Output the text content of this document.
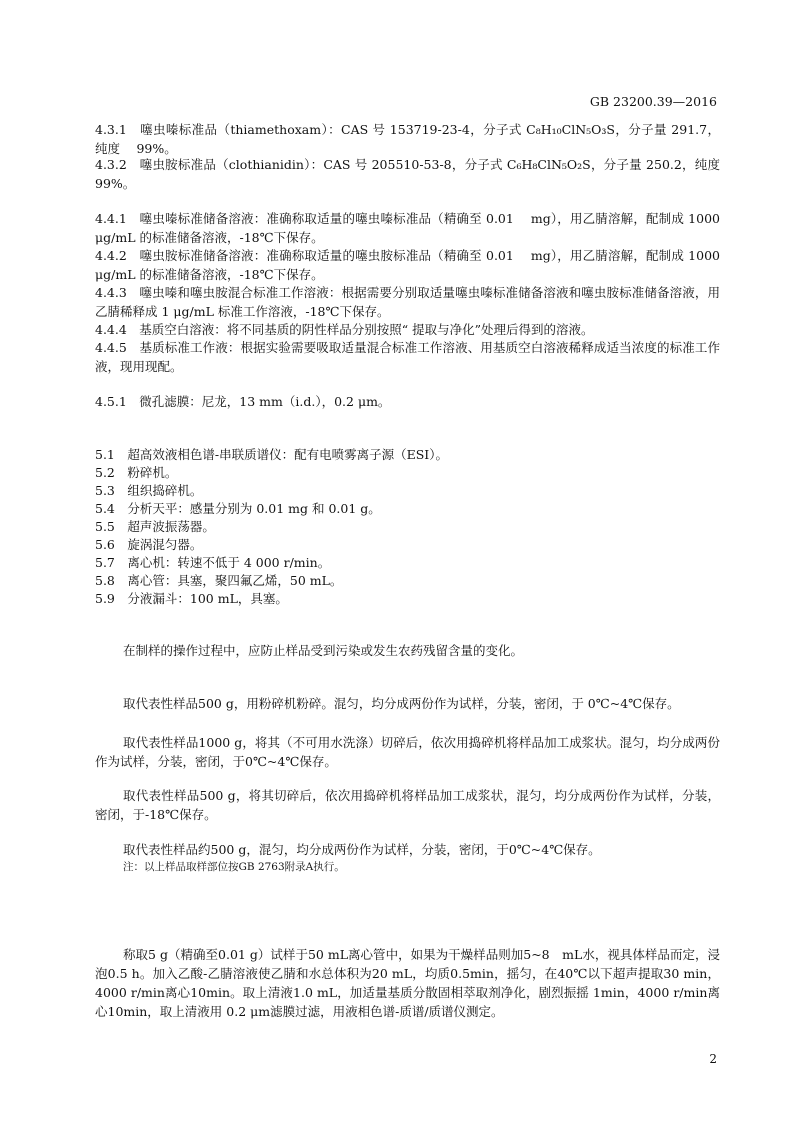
GB 23200.39—2016

4.3.1　噻虫嗪标准品（thiamethoxam）：CAS 号 153719-23-4，分子式 C₈H₁₀ClN₅O₃S，分子量 291.7，纯度　 99%。

4.3.2　噻虫胺标准品（clothianidin）：CAS 号 205510-53-8，分子式 C₆H₈ClN₅O₂S，分子量 250.2，纯度　 99%。

4.4.1　噻虫嗪标准储备溶液：准确称取适量的噻虫嗪标准品（精确至 0.01　 mg），用乙腈溶解，配制成 1000 μg/mL 的标准储备溶液，-18℃下保存。

4.4.2　噻虫胺标准储备溶液：准确称取适量的噻虫胺标准品（精确至 0.01　 mg），用乙腈溶解，配制成 1000 μg/mL 的标准储备溶液，-18℃下保存。

4.4.3　噻虫嗪和噻虫胺混合标准工作溶液：根据需要分别取适量噻虫嗪标准储备溶液和噻虫胺标准储备溶液，用乙腈稀释成 1 μg/mL 标准工作溶液，-18℃下保存。

4.4.4　基质空白溶液：将不同基质的阴性样品分别按照“ 提取与净化”处理后得到的溶液。

4.4.5　基质标准工作液：根据实验需要吸取适量混合标准工作溶液、用基质空白溶液稀释成适当浓度的标准工作液，现用现配。

4.5.1　微孔滤膜：尼龙，13 mm（i.d.），0.2 μm。

5.1　超高效液相色谱-串联质谱仪：配有电喷雾离子源（ESI）。

5.2　粉碎机。

5.3　组织捣碎机。

5.4　分析天平：感量分别为 0.01 mg 和 0.01 g。

5.5　超声波振荡器。

5.6　旋涡混匀器。

5.7　离心机：转速不低于 4 000 r/min。

5.8　离心管：具塞，聚四氟乙烯，50 mL。

5.9　分液漏斗：100 mL，具塞。

在制样的操作过程中，应防止样品受到污染或发生农药残留含量的变化。

取代表性样品500 g，用粉碎机粉碎。混匀，均分成两份作为试样，分装，密闭，于 0℃~4℃保存。

取代表性样品1000 g，将其（不可用水洗涤）切碎后，依次用捣碎机将样品加工成浆状。混匀，均分成两份作为试样，分装，密闭，于0℃~4℃保存。

取代表性样品500 g，将其切碎后，依次用捣碎机将样品加工成浆状，混匀，均分成两份作为试样，分装，密闭，于-18℃保存。

取代表性样品约500 g，混匀，均分成两份作为试样，分装，密闭，于0℃~4℃保存。

注：以上样品取样部位按GB 2763附录A执行。

称取5 g（精确至0.01 g）试样于50 mL离心管中，如果为干燥样品则加5~8　mL水，视具体样品而定，浸泡0.5 h。加入乙酸-乙腈溶液使乙腈和水总体积为20 mL，均质0.5min，摇匀，在40℃以下超声提取30 min，4000 r/min离心10min。取上清液1.0 mL，加适量基质分散固相萃取剂净化，剧烈振摇 1min，4000 r/min离心10min，取上清液用 0.2 μm滤膜过滤，用液相色谱-质谱/质谱仪测定。

2
